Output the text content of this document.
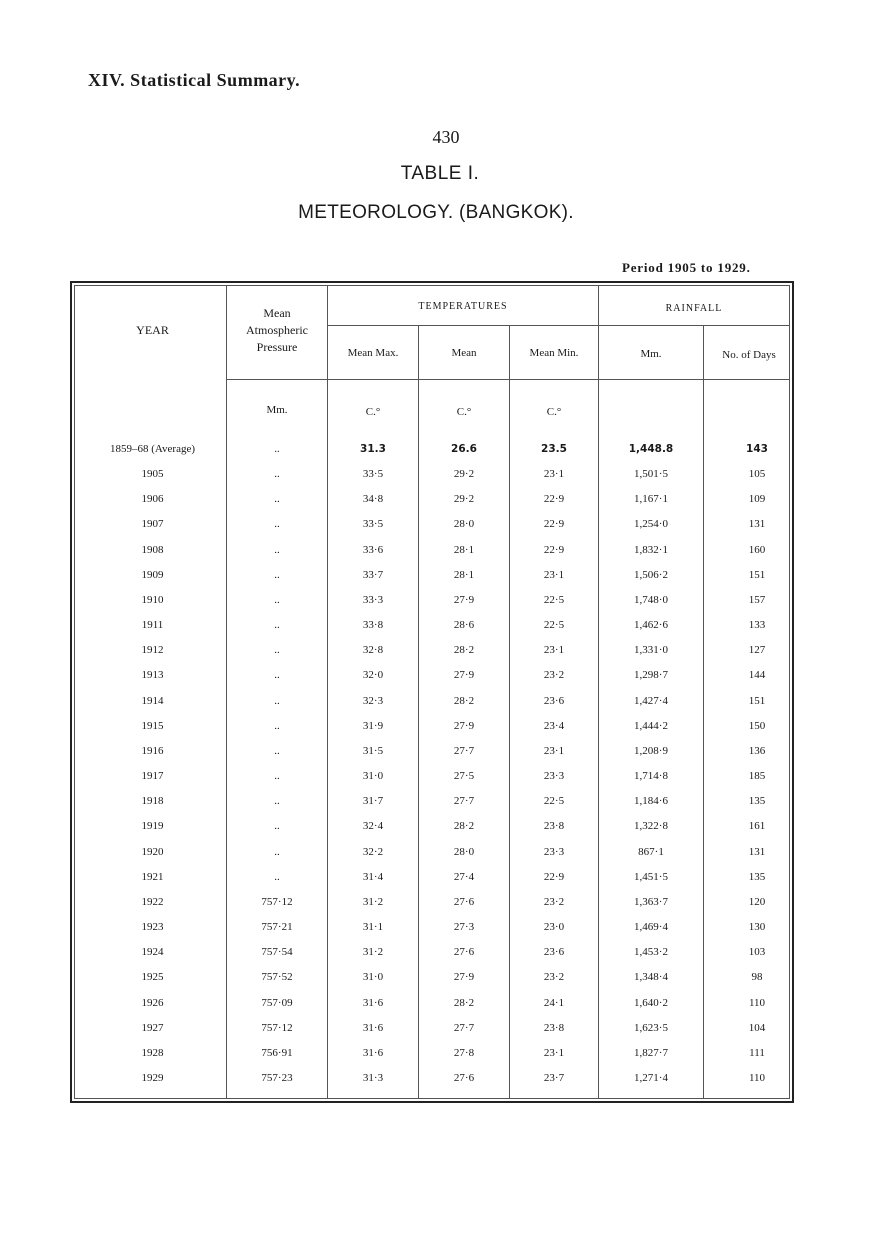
XIV. Statistical Summary.
430
TABLE I.
METEOROLOGY. (BANGKOK).
Period 1905 to 1929.
YEAR
Mean
Atmospheric
Pressure
TEMPERATURES	RAINFALL
Mean Max.	Mean	Mean Min.	Mm.	No. of Days
Mm.	C.°	C.°	C.°
1859–68 (Average)	..	31.3	26.6	23.5	1,448.8	143
1905	..	33·5	29·2	23·1	1,501·5	105
1906	..	34·8	29·2	22·9	1,167·1	109
1907	..	33·5	28·0	22·9	1,254·0	131
1908	..	33·6	28·1	22·9	1,832·1	160
1909	..	33·7	28·1	23·1	1,506·2	151
1910	..	33·3	27·9	22·5	1,748·0	157
1911	..	33·8	28·6	22·5	1,462·6	133
1912	..	32·8	28·2	23·1	1,331·0	127
1913	..	32·0	27·9	23·2	1,298·7	144
1914	..	32·3	28·2	23·6	1,427·4	151
1915	..	31·9	27·9	23·4	1,444·2	150
1916	..	31·5	27·7	23·1	1,208·9	136
1917	..	31·0	27·5	23·3	1,714·8	185
1918	..	31·7	27·7	22·5	1,184·6	135
1919	..	32·4	28·2	23·8	1,322·8	161
1920	..	32·2	28·0	23·3	867·1	131
1921	..	31·4	27·4	22·9	1,451·5	135
1922	757·12	31·2	27·6	23·2	1,363·7	120
1923	757·21	31·1	27·3	23·0	1,469·4	130
1924	757·54	31·2	27·6	23·6	1,453·2	103
1925	757·52	31·0	27·9	23·2	1,348·4	98
1926	757·09	31·6	28·2	24·1	1,640·2	110
1927	757·12	31·6	27·7	23·8	1,623·5	104
1928	756·91	31·6	27·8	23·1	1,827·7	111
1929	757·23	31·3	27·6	23·7	1,271·4	110
